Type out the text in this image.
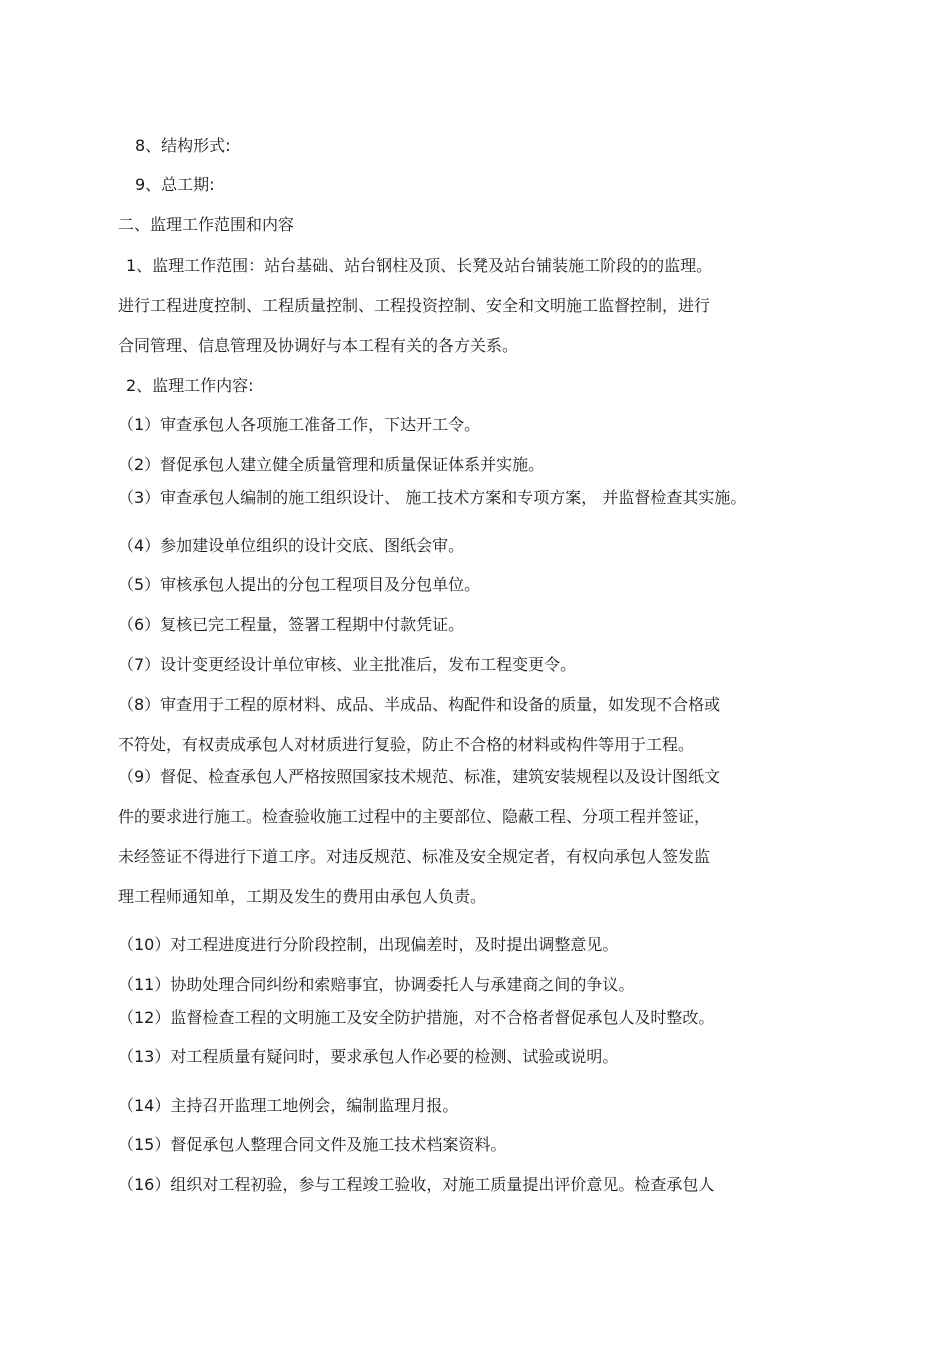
8、结构形式:
9、总工期:
二、监理工作范围和内容
1、监理工作范围：站台基础、站台钢柱及顶、长凳及站台铺装施工阶段的的监理。
进行工程进度控制、工程质量控制、工程投资控制、安全和文明施工监督控制，进行
合同管理、信息管理及协调好与本工程有关的各方关系。
2、监理工作内容:
（1）审查承包人各项施工准备工作，下达开工令。
（2）督促承包人建立健全质量管理和质量保证体系并实施。
（3）审查承包人编制的施工组织设计、 施工技术方案和专项方案， 并监督检查其实施。
（4）参加建设单位组织的设计交底、图纸会审。
（5）审核承包人提出的分包工程项目及分包单位。
（6）复核已完工程量，签署工程期中付款凭证。
（7）设计变更经设计单位审核、业主批准后，发布工程变更令。
（8）审查用于工程的原材料、成品、半成品、构配件和设备的质量，如发现不合格或
不符处，有权责成承包人对材质进行复验，防止不合格的材料或构件等用于工程。
（9）督促、检查承包人严格按照国家技术规范、标准，建筑安装规程以及设计图纸文
件的要求进行施工。检查验收施工过程中的主要部位、隐蔽工程、分项工程并签证，
未经签证不得进行下道工序。对违反规范、标准及安全规定者，有权向承包人签发监
理工程师通知单，工期及发生的费用由承包人负责。
（10）对工程进度进行分阶段控制，出现偏差时，及时提出调整意见。
（11）协助处理合同纠纷和索赔事宜，协调委托人与承建商之间的争议。
（12）监督检查工程的文明施工及安全防护措施，对不合格者督促承包人及时整改。
（13）对工程质量有疑问时，要求承包人作必要的检测、试验或说明。
（14）主持召开监理工地例会，编制监理月报。
（15）督促承包人整理合同文件及施工技术档案资料。
（16）组织对工程初验，参与工程竣工验收，对施工质量提出评价意见。检查承包人
